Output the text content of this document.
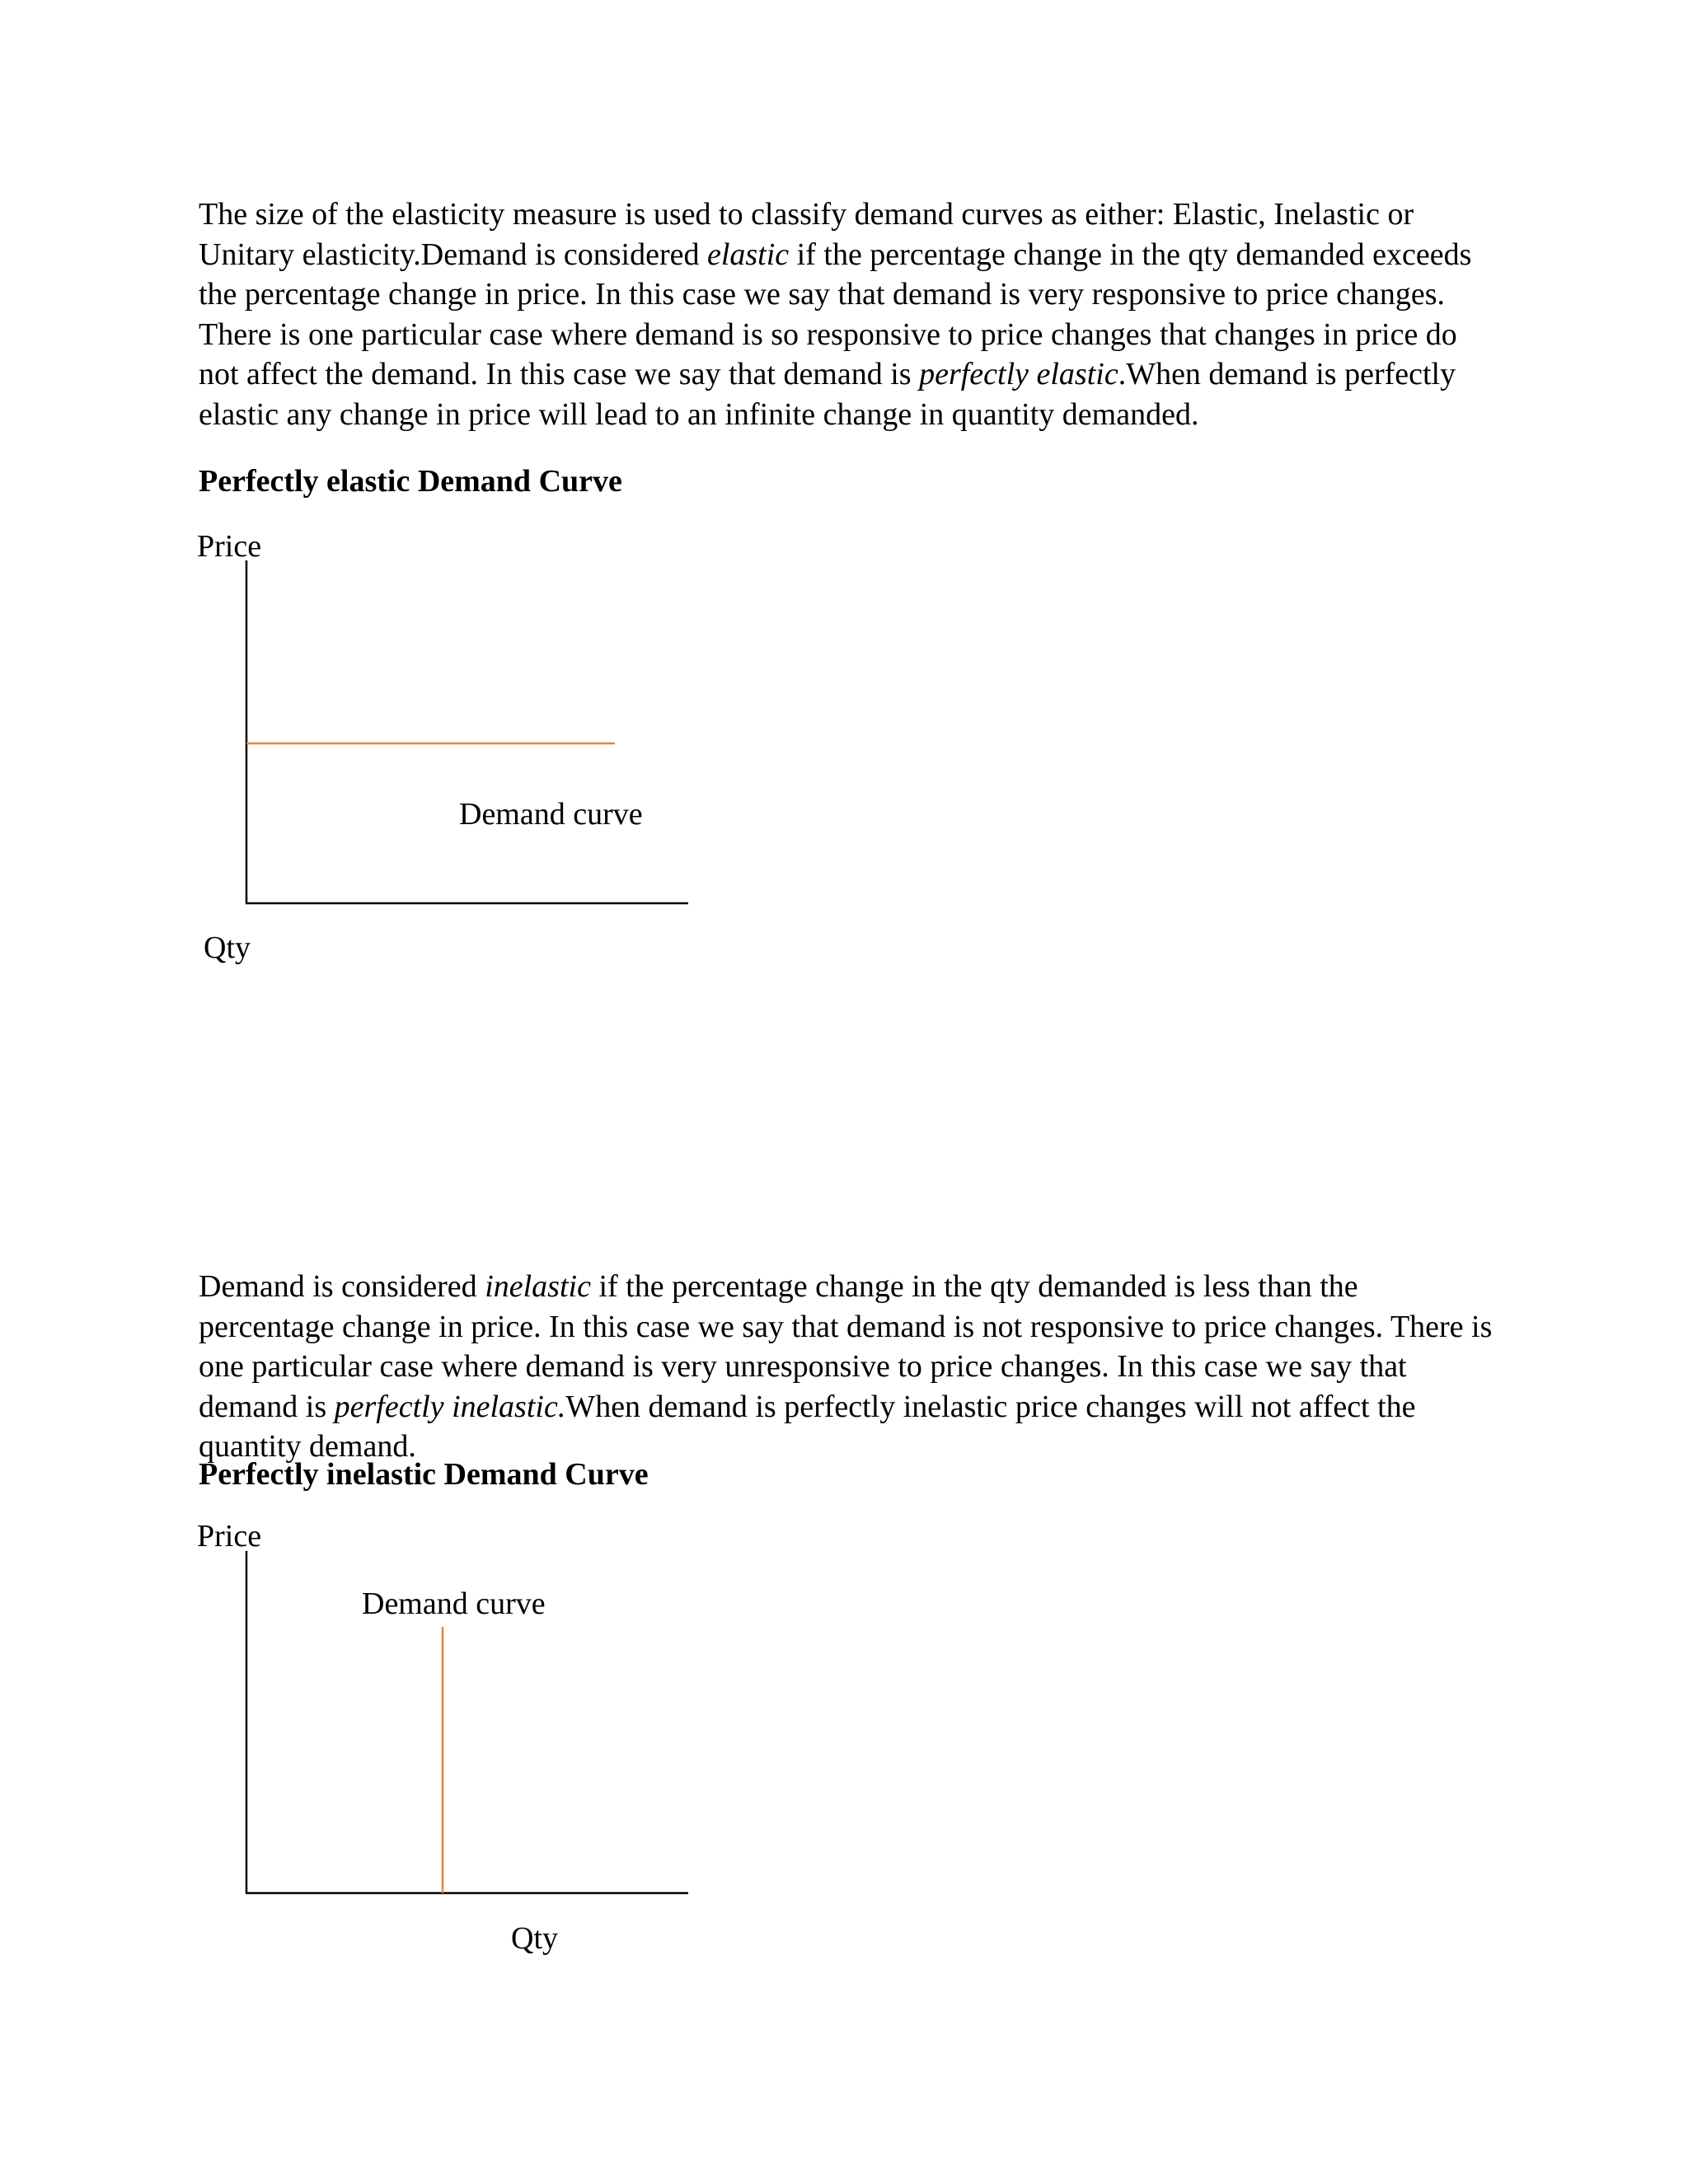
The size of the elasticity measure is used to classify demand curves as either: Elastic, Inelastic or Unitary elasticity.Demand is considered elastic if the percentage change in the qty demanded exceeds the percentage change in price. In this case we say that demand is very responsive to price changes. There is one particular case where demand is so responsive to price changes that changes in price do not affect the demand. In this case we say that demand is perfectly elastic.When demand is perfectly elastic any change in price will lead to an infinite change in quantity demanded.

Perfectly elastic Demand Curve

Price
Demand curve
Qty

Demand is considered inelastic if the percentage change in the qty demanded is less than the percentage change in price. In this case we say that demand is not responsive to price changes. There is one particular case where demand is very unresponsive to price changes. In this case we say that demand is perfectly inelastic.When demand is perfectly inelastic price changes will not affect the quantity demand.

Perfectly inelastic Demand Curve

Price
Demand curve
Qty
